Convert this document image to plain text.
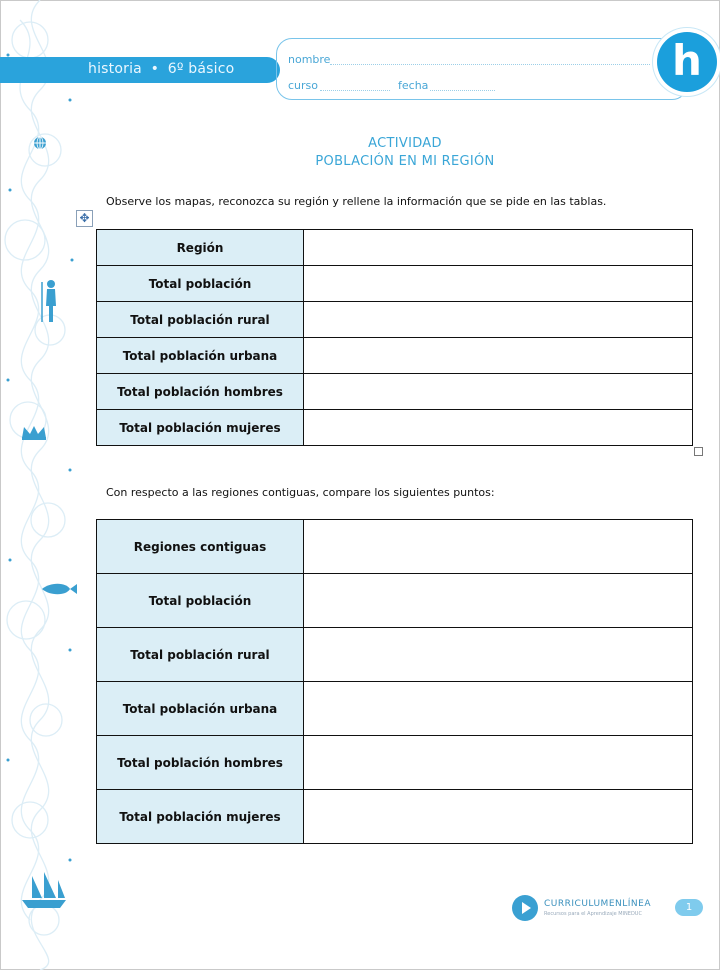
historia • 6º básico
nombre
curso	fecha
h
ACTIVIDAD
POBLACIÓN EN MI REGIÓN
Observe los mapas, reconozca su región y rellene la información que se pide en las tablas.
✥
Región	
Total población	
Total población rural	
Total población urbana	
Total población hombres	
Total población mujeres	
Con respecto a las regiones contiguas, compare los siguientes puntos:
Regiones contiguas	
Total población	
Total población rural	
Total población urbana	
Total población hombres	
Total población mujeres	
CURRICULUMENLÍNEA
Recursos para el Aprendizaje MINEDUC
1
